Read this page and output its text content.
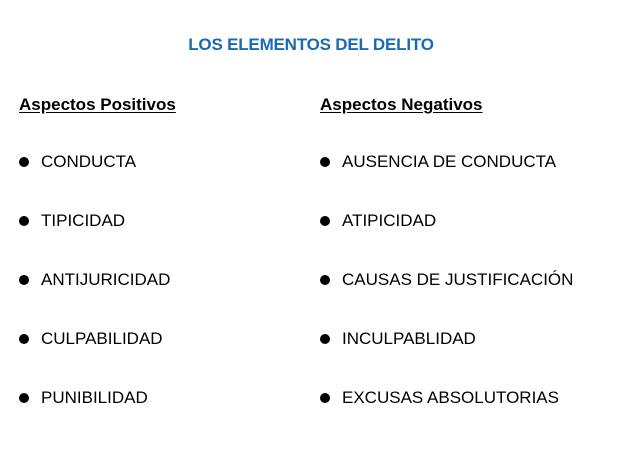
LOS ELEMENTOS DEL DELITO
Aspectos Positivos
CONDUCTA
TIPICIDAD
ANTIJURICIDAD
CULPABILIDAD
PUNIBILIDAD
Aspectos Negativos
AUSENCIA DE CONDUCTA
ATIPICIDAD
CAUSAS DE JUSTIFICACIÓN
INCULPABLIDAD
EXCUSAS ABSOLUTORIAS
